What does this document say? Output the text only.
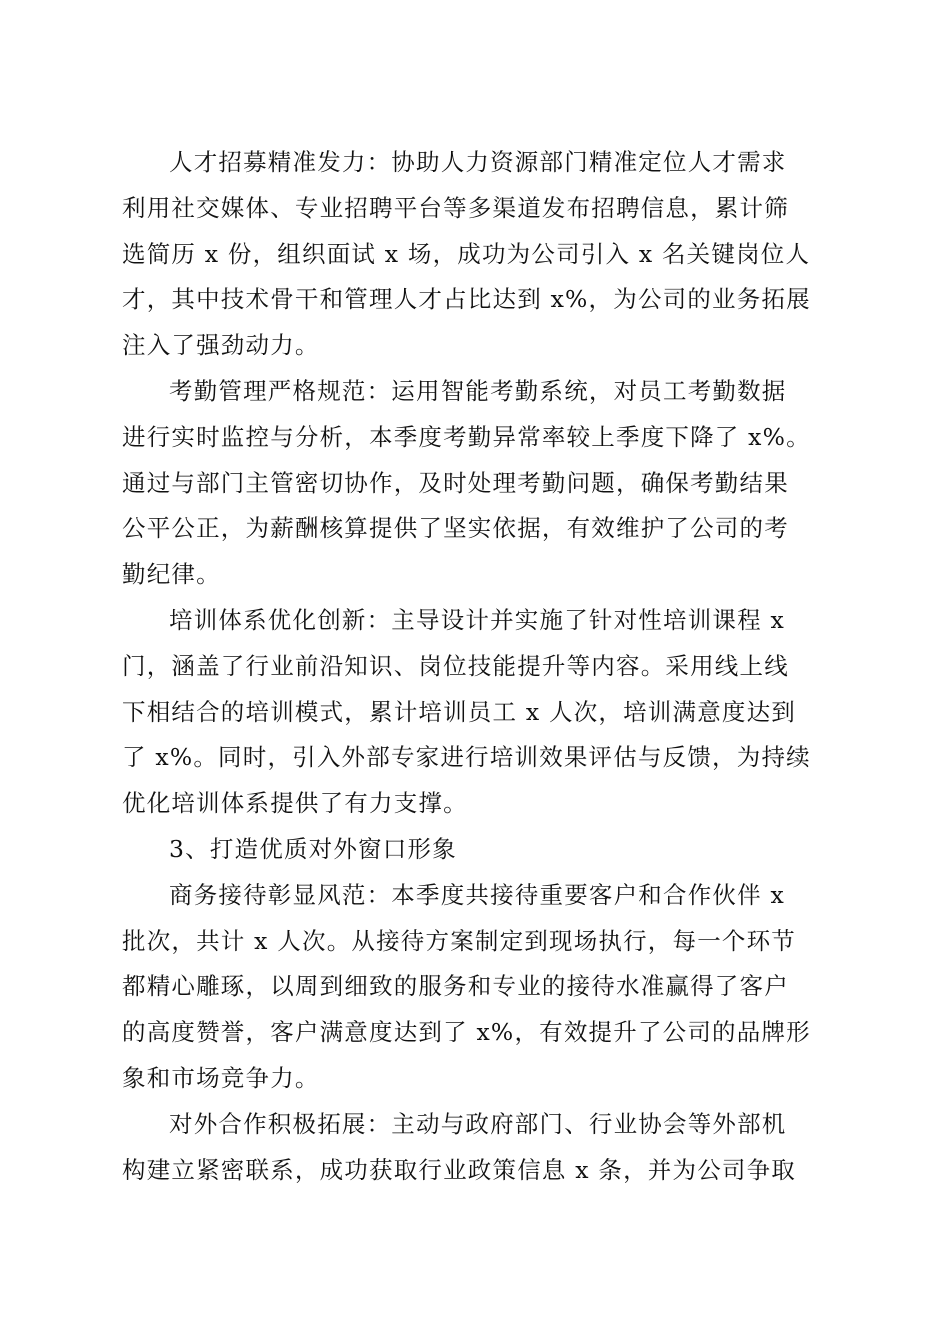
人才招募精准发力：协助人力资源部门精准定位人才需求
利用社交媒体、专业招聘平台等多渠道发布招聘信息，累计筛
选简历 x 份，组织面试 x 场，成功为公司引入 x 名关键岗位人
才，其中技术骨干和管理人才占比达到 x%，为公司的业务拓展
注入了强劲动力。
考勤管理严格规范：运用智能考勤系统，对员工考勤数据
进行实时监控与分析，本季度考勤异常率较上季度下降了 x%。
通过与部门主管密切协作，及时处理考勤问题，确保考勤结果
公平公正，为薪酬核算提供了坚实依据，有效维护了公司的考
勤纪律。
培训体系优化创新：主导设计并实施了针对性培训课程 x
门，涵盖了行业前沿知识、岗位技能提升等内容。采用线上线
下相结合的培训模式，累计培训员工 x 人次，培训满意度达到
了 x%。同时，引入外部专家进行培训效果评估与反馈，为持续
优化培训体系提供了有力支撑。
3、打造优质对外窗口形象
商务接待彰显风范：本季度共接待重要客户和合作伙伴 x
批次，共计 x 人次。从接待方案制定到现场执行，每一个环节
都精心雕琢，以周到细致的服务和专业的接待水准赢得了客户
的高度赞誉，客户满意度达到了 x%，有效提升了公司的品牌形
象和市场竞争力。
对外合作积极拓展：主动与政府部门、行业协会等外部机
构建立紧密联系，成功获取行业政策信息 x 条，并为公司争取
